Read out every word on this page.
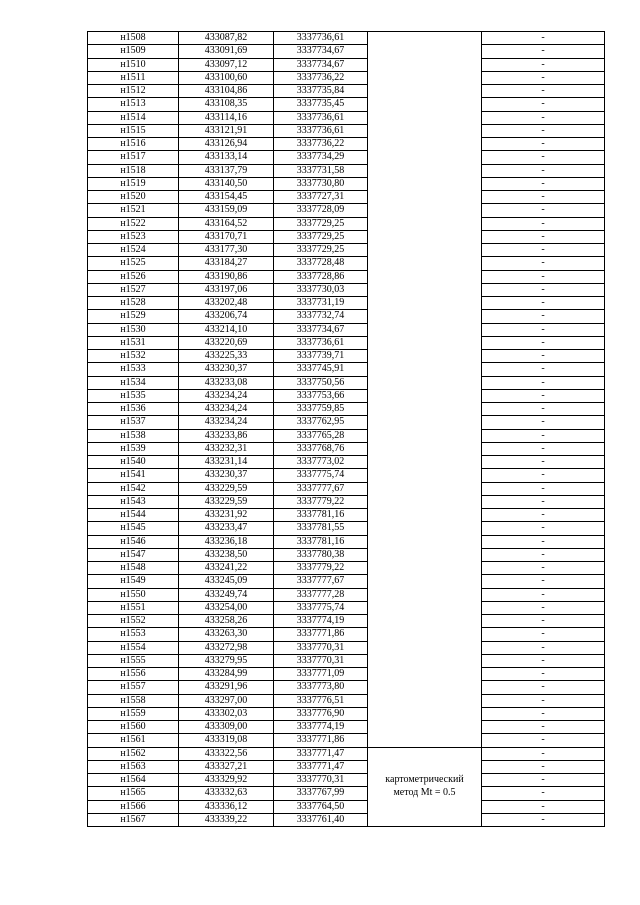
н1508	433087,82	3337736,61		-
н1509	433091,69	3337734,67		-
н1510	433097,12	3337734,67		-
н1511	433100,60	3337736,22		-
н1512	433104,86	3337735,84		-
н1513	433108,35	3337735,45		-
н1514	433114,16	3337736,61		-
н1515	433121,91	3337736,61		-
н1516	433126,94	3337736,22		-
н1517	433133,14	3337734,29		-
н1518	433137,79	3337731,58		-
н1519	433140,50	3337730,80		-
н1520	433154,45	3337727,31		-
н1521	433159,09	3337728,09		-
н1522	433164,52	3337729,25		-
н1523	433170,71	3337729,25		-
н1524	433177,30	3337729,25		-
н1525	433184,27	3337728,48		-
н1526	433190,86	3337728,86		-
н1527	433197,06	3337730,03		-
н1528	433202,48	3337731,19		-
н1529	433206,74	3337732,74		-
н1530	433214,10	3337734,67		-
н1531	433220,69	3337736,61		-
н1532	433225,33	3337739,71		-
н1533	433230,37	3337745,91		-
н1534	433233,08	3337750,56		-
н1535	433234,24	3337753,66		-
н1536	433234,24	3337759,85		-
н1537	433234,24	3337762,95		-
н1538	433233,86	3337765,28		-
н1539	433232,31	3337768,76		-
н1540	433231,14	3337773,02		-
н1541	433230,37	3337775,74		-
н1542	433229,59	3337777,67		-
н1543	433229,59	3337779,22		-
н1544	433231,92	3337781,16		-
н1545	433233,47	3337781,55		-
н1546	433236,18	3337781,16		-
н1547	433238,50	3337780,38		-
н1548	433241,22	3337779,22		-
н1549	433245,09	3337777,67		-
н1550	433249,74	3337777,28		-
н1551	433254,00	3337775,74		-
н1552	433258,26	3337774,19		-
н1553	433263,30	3337771,86		-
н1554	433272,98	3337770,31		-
н1555	433279,95	3337770,31		-
н1556	433284,99	3337771,09		-
н1557	433291,96	3337773,80		-
н1558	433297,00	3337776,51		-
н1559	433302,03	3337776,90		-
н1560	433309,00	3337774,19		-
н1561	433319,08	3337771,86		-
н1562	433322,56	3337771,47	картометрический метод Mt = 0.5	-
н1563	433327,21	3337771,47		-
н1564	433329,92	3337770,31		-
н1565	433332,63	3337767,99		-
н1566	433336,12	3337764,50		-
н1567	433339,22	3337761,40		-
